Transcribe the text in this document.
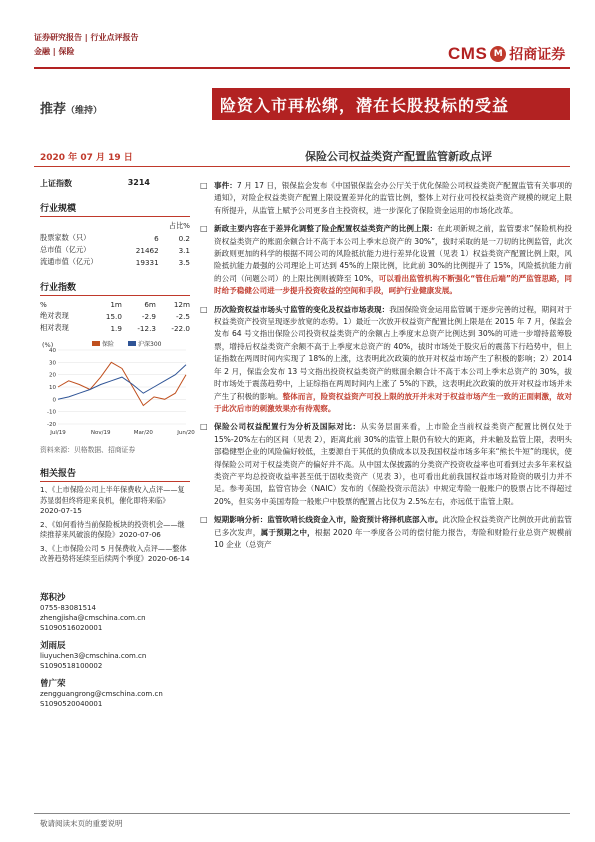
证券研究报告 | 行业点评报告
金融 | 保险	CMS M 招商证券
推荐（维持）	险资入市再松绑，潜在长股投标的受益
2020 年 07 月 19 日	保险公司权益类资产配置监管新政点评
上证指数	3214
行业规模
		占比%
股票家数（只）	6	0.2
总市值（亿元）	21462	3.1
流通市值（亿元）	19331	3.5
行业指数
%	1m	6m	12m
绝对表现	15.0	-2.9	-2.5
相对表现	1.9	-12.3	-22.0
(%)
40
30
20
10
0
-10
-20
Jul/19	Nov/19	Mar/20	Jun/20
保险	沪深300
资料来源：贝格数据、招商证券
相关报告
1、《上市保险公司上半年保费收入点评——复苏显弱但终将迎来良机，催化即将来临》2020-07-15
2、《如何看待当前保险板块的投资机会——继续推荐来风破浪的保险》2020-07-06
3、《上市保险公司 5 月保费收入点评——整体改善趋势将延续至后续两个季度》2020-06-14
郑积沙
0755-83081514
zhengjisha@cmschina.com.cn
S1090516020001
刘雨辰
liuyuchen3@cmschina.com.cn
S1090518100002
曾广荣
zengguangrong@cmschina.com.cn
S1090520040001
□ 事件：7 月 17 日，银保监会发布《中国银保监会办公厅关于优化保险公司权益类资产配置监管有关事项的通知》，对险企权益类资产配置上限设置差异化的监管比例，整体上对行业可投权益类资产规模的规定上限有所提升，从监管上赋予公司更多自主投资权，进一步深化了保险资金运用的市场化改革。
□ 新政主要内容在于差异化调整了险企配置权益类资产的比例上限：在此项新规之前，监管要求“保险机构投资权益类资产的账面余额合计不高于本公司上季末总资产的 30%”，拔时采取的是一刀切的比例监管，此次新政则更加的科学的根据不同公司的风险抵抗能力进行差异化设置（见表 1）权益类资产配置比例上限，风险抵抗能力最强的公司理论上可达到 45%的上限比例，比此前 30%的比例提升了 15%，风险抵抗能力前的公司（问题公司）的上限比例则被降至 10%，可以看出监管机构不断强化“管住后端”的严监管思路，同时给予稳健公司进一步提升投资收益的空间和手段，呵护行业健康发展。
□ 历次险资权益市场头寸监管的变化及权益市场表现：我国保险资金运用监管属于逐步完善的过程，期间对于权益类资产投资呈现逐步放宽的态势。1）最近一次放开权益资产配置比例上限是在 2015 年 7 月，保监会发布 64 号文指出保险公司投资权益类资产的余额占上季度末总资产比例达到 30%的可进一步增持蓝筹股票，增持后权益类资产余额不高于上季度末总资产的 40%，拔时市场处于股灾后的震荡下行趋势中，但上证指数在两周时间内实现了 18%的上涨，这表明此次政策的放开对权益市场产生了积极的影响；2）2014 年 2 月，保监会发布 13 号文指出投资权益类资产的账面余额合计不高于本公司上季末总资产的 30%，拔时市场处于震荡趋势中，上证综指在两周时间内上涨了 5%的下跌，这表明此次政策的放开对权益市场并未产生了积极的影响。整体而言，险资权益资产可投上限的放开并未对于权益市场产生一致的正面刺激，故对于此次后市的刺激效果亦有待观察。
□ 保险公司权益配置行为分析及国际对比：从实务层面来看，上市险企当前权益类资产配置比例仅处于 15%-20%左右的区间（见表 2），距离此前 30%的监管上限仍有较大的距离，并未触及监管上限，表明头部稳健型企业的风险偏好较低，主要源自于其低的负债成本以及我国权益市场多年来“熊长牛短”的现状，使得保险公司对于权益类资产的偏好并不高。从中国太保披露的分类资产投资收益率也可看到过去多年来权益类资产平均总投资收益率甚至低于固收类资产（见表 3），也可看出此前我国权益市场对险资的吸引力并不足。参考美国，监管官协会（NAIC）发布的《保险投资示范法》中规定寿险一般账户的股票占比不得超过 20%，但实务中美国寿险一般账户中股票的配置占比仅为 2.5%左右，亦远低于监管上限。
□ 短期影响分析：监管吹哨长线资金入市，险资预计将择机底部入市。此次险企权益类资产比例放开此前监管已多次发声，属于预期之中，根据 2020 年一季度各公司的偿付能力报告，寿险和财险行业总资产规模前 10 企业（总资产
敬请阅读末页的重要说明
